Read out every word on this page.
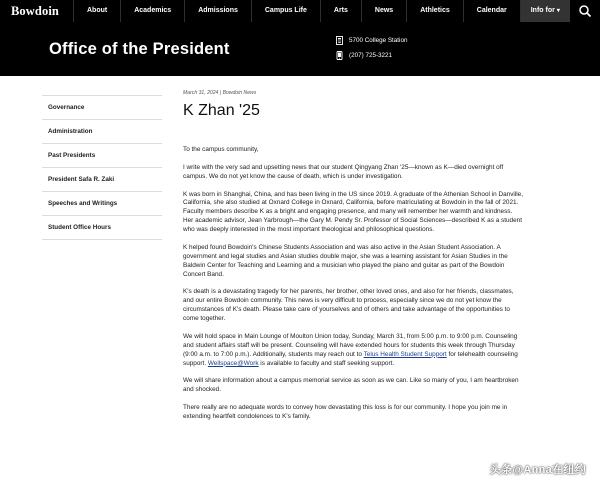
Bowdoin	About	Academics	Admissions	Campus Life	Arts	News	Athletics	Calendar	Info for ▾
Office of the President	5700 College Station
(207) 725-3221
Governance
Administration
Past Presidents
President Safa R. Zaki
Speeches and Writings
Student Office Hours
March 31, 2024 | Bowdoin News
K Zhan '25

To the campus community,

I write with the very sad and upsetting news that our student Qingyang Zhan '25—known as K—died overnight off campus. We do not yet know the cause of death, which is under investigation.

K was born in Shanghai, China, and has been living in the US since 2019. A graduate of the Athenian School in Danville, California, she also studied at Oxnard College in Oxnard, California, before matriculating at Bowdoin in the fall of 2021. Faculty members describe K as a bright and engaging presence, and many will remember her warmth and kindness. Her academic advisor, Jean Yarbrough—the Gary M. Pendy Sr. Professor of Social Sciences—described K as a student who was deeply interested in the most important theological and philosophical questions.

K helped found Bowdoin's Chinese Students Association and was also active in the Asian Student Association. A government and legal studies and Asian studies double major, she was a learning assistant for Asian Studies in the Baldwin Center for Teaching and Learning and a musician who played the piano and guitar as part of the Bowdoin Concert Band.

K's death is a devastating tragedy for her parents, her brother, other loved ones, and also for her friends, classmates, and our entire Bowdoin community. This news is very difficult to process, especially since we do not yet know the circumstances of K's death. Please take care of yourselves and of others and take advantage of the opportunities to come together.

We will hold space in Main Lounge of Moulton Union today, Sunday, March 31, from 5:00 p.m. to 9:00 p.m. Counseling and student affairs staff will be present. Counseling will have extended hours for students this week through Thursday (9:00 a.m. to 7:00 p.m.). Additionally, students may reach out to Telus Health Student Support for telehealth counseling support. Wellspace@Work is available to faculty and staff seeking support.

We will share information about a campus memorial service as soon as we can. Like so many of you, I am heartbroken and shocked.

There really are no adequate words to convey how devastating this loss is for our community. I hope you join me in extending heartfelt condolences to K's family.

头条@Anna在纽约
